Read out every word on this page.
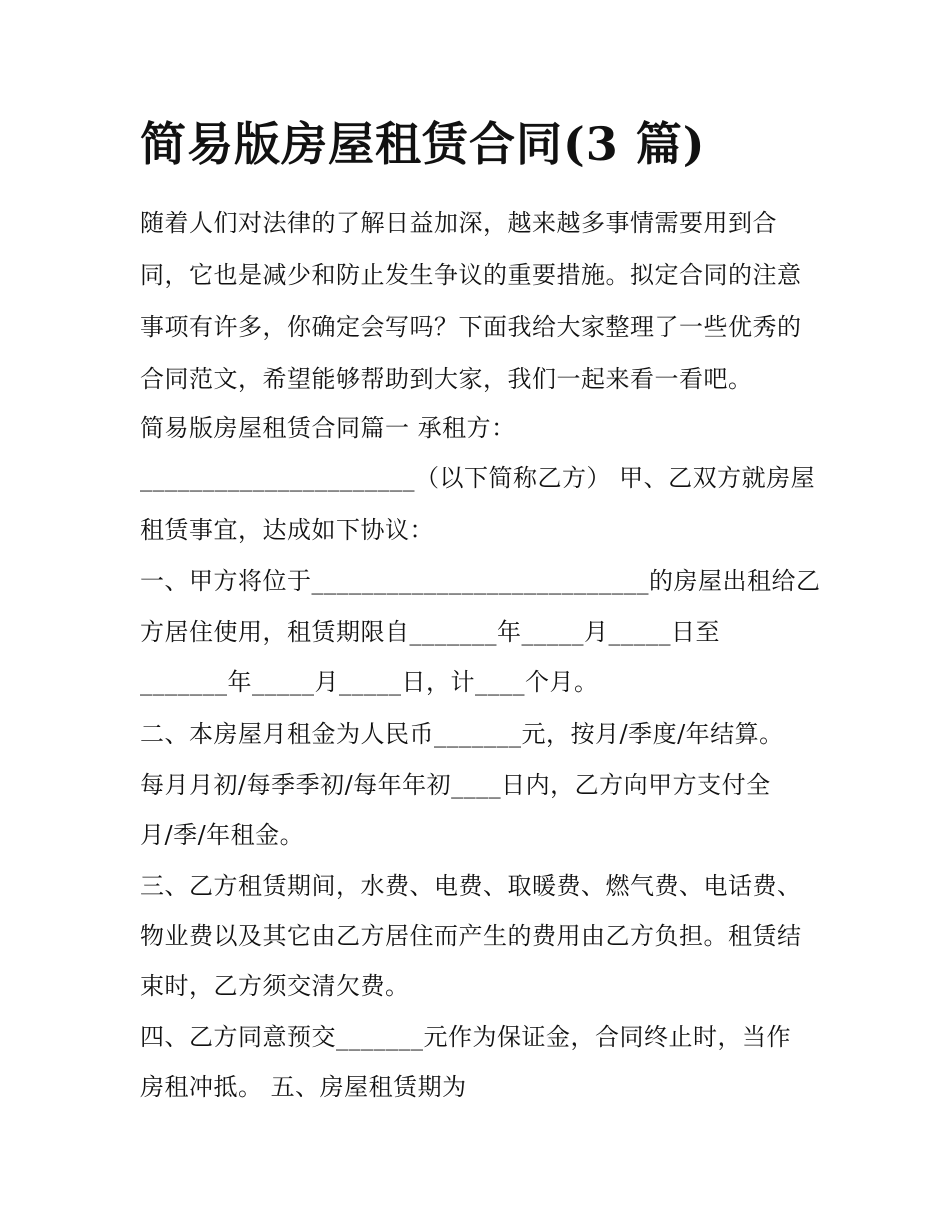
简易版房屋租赁合同(3 篇)
随着人们对法律的了解日益加深，越来越多事情需要用到合
同，它也是减少和防止发生争议的重要措施。拟定合同的注意
事项有许多，你确定会写吗？下面我给大家整理了一些优秀的
合同范文，希望能够帮助到大家，我们一起来看一看吧。
简易版房屋租赁合同篇一 承租方：
______________________（以下简称乙方） 甲、乙双方就房屋
租赁事宜，达成如下协议：
一、甲方将位于___________________________的房屋出租给乙
方居住使用，租赁期限自_______年_____月_____日至
_______年_____月_____日，计____个月。
二、本房屋月租金为人民币_______元，按月/季度/年结算。
每月月初/每季季初/每年年初____日内，乙方向甲方支付全
月/季/年租金。
三、乙方租赁期间，水费、电费、取暖费、燃气费、电话费、
物业费以及其它由乙方居住而产生的费用由乙方负担。租赁结
束时，乙方须交清欠费。
四、乙方同意预交_______元作为保证金，合同终止时，当作
房租冲抵。 五、房屋租赁期为
